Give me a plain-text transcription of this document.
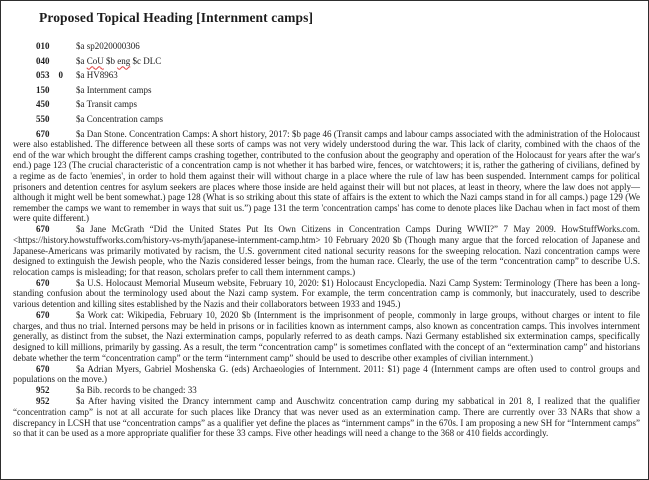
Proposed Topical Heading [Internment camps]

010	$a sp2020000306

040	$a CoU $b eng $c DLC

053 0 $a HV8963

150	$a Internment camps

450	$a Transit camps

550	$a Concentration camps

670	$a Dan Stone. Concentration Camps: A short history, 2017: $b page 46 (Transit camps and labour camps associated with the administration of the Holocaust were also established. The difference between all these sorts of camps was not very widely understood during the war. This lack of clarity, combined with the chaos of the end of the war which brought the different camps crashing together, contributed to the confusion about the geography and operation of the Holocaust for years after the war's end.) page 123 (The crucial characteristic of a concentration camp is not whether it has barbed wire, fences, or watchtowers; it is, rather the gathering of civilians, defined by a regime as de facto 'enemies', in order to hold them against their will without charge in a place where the rule of law has been suspended. Internment camps for political prisoners and detention centres for asylum seekers are places where those inside are held against their will but not places, at least in theory, where the law does not apply—although it might well be bent somewhat.) page 128 (What is so striking about this state of affairs is the extent to which the Nazi camps stand in for all camps.) page 129 (We remember the camps we want to remember in ways that suit us.”) page 131 the term 'concentration camps' has come to denote places like Dachau when in fact most of them were quite different.)

670	$a Jane McGrath “Did the United States Put Its Own Citizens in Concentration Camps During WWII?” 7 May 2009. HowStuffWorks.com. <https://history.howstuffworks.com/history-vs-myth/japanese-internment-camp.htm> 10 February 2020 $b (Though many argue that the forced relocation of Japanese and Japanese-Americans was primarily motivated by racism, the U.S. government cited national security reasons for the sweeping relocation. Nazi concentration camps were designed to extinguish the Jewish people, who the Nazis considered lesser beings, from the human race. Clearly, the use of the term “concentration camp” to describe U.S. relocation camps is misleading; for that reason, scholars prefer to call them internment camps.)

670	$a U.S. Holocaust Memorial Museum website, February 10, 2020: $1) Holocaust Encyclopedia. Nazi Camp System: Terminology (There has been a long-standing confusion about the terminology used about the Nazi camp system. For example, the term concentration camp is commonly, but inaccurately, used to describe various detention and killing sites established by the Nazis and their collaborators between 1933 and 1945.)

670	$a Work cat: Wikipedia, February 10, 2020 $b (Internment is the imprisonment of people, commonly in large groups, without charges or intent to file charges, and thus no trial. Interned persons may be held in prisons or in facilities known as internment camps, also known as concentration camps. This involves internment generally, as distinct from the subset, the Nazi extermination camps, popularly referred to as death camps. Nazi Germany established six extermination camps, specifically designed to kill millions, primarily by gassing. As a result, the term “concentration camp” is sometimes conflated with the concept of an “extermination camp” and historians debate whether the term “concentration camp” or the term “internment camp” should be used to describe other examples of civilian internment.)

670	$a Adrian Myers, Gabriel Moshenska G. (eds) Archaeologies of Internment. 2011: $1) page 4 (Internment camps are often used to control groups and populations on the move.)

952	$a Bib. records to be changed: 33

952	$a After having visited the Drancy internment camp and Auschwitz concentration camp during my sabbatical in 201 8, I realized that the qualifier “concentration camp” is not at all accurate for such places like Drancy that was never used as an extermination camp. There are currently over 33 NARs that show a discrepancy in LCSH that use “concentration camps” as a qualifier yet define the places as “internment camps” in the 670s. I am proposing a new SH for “Internment camps” so that it can be used as a more appropriate qualifier for these 33 camps. Five other headings will need a change to the 368 or 410 fields accordingly.
